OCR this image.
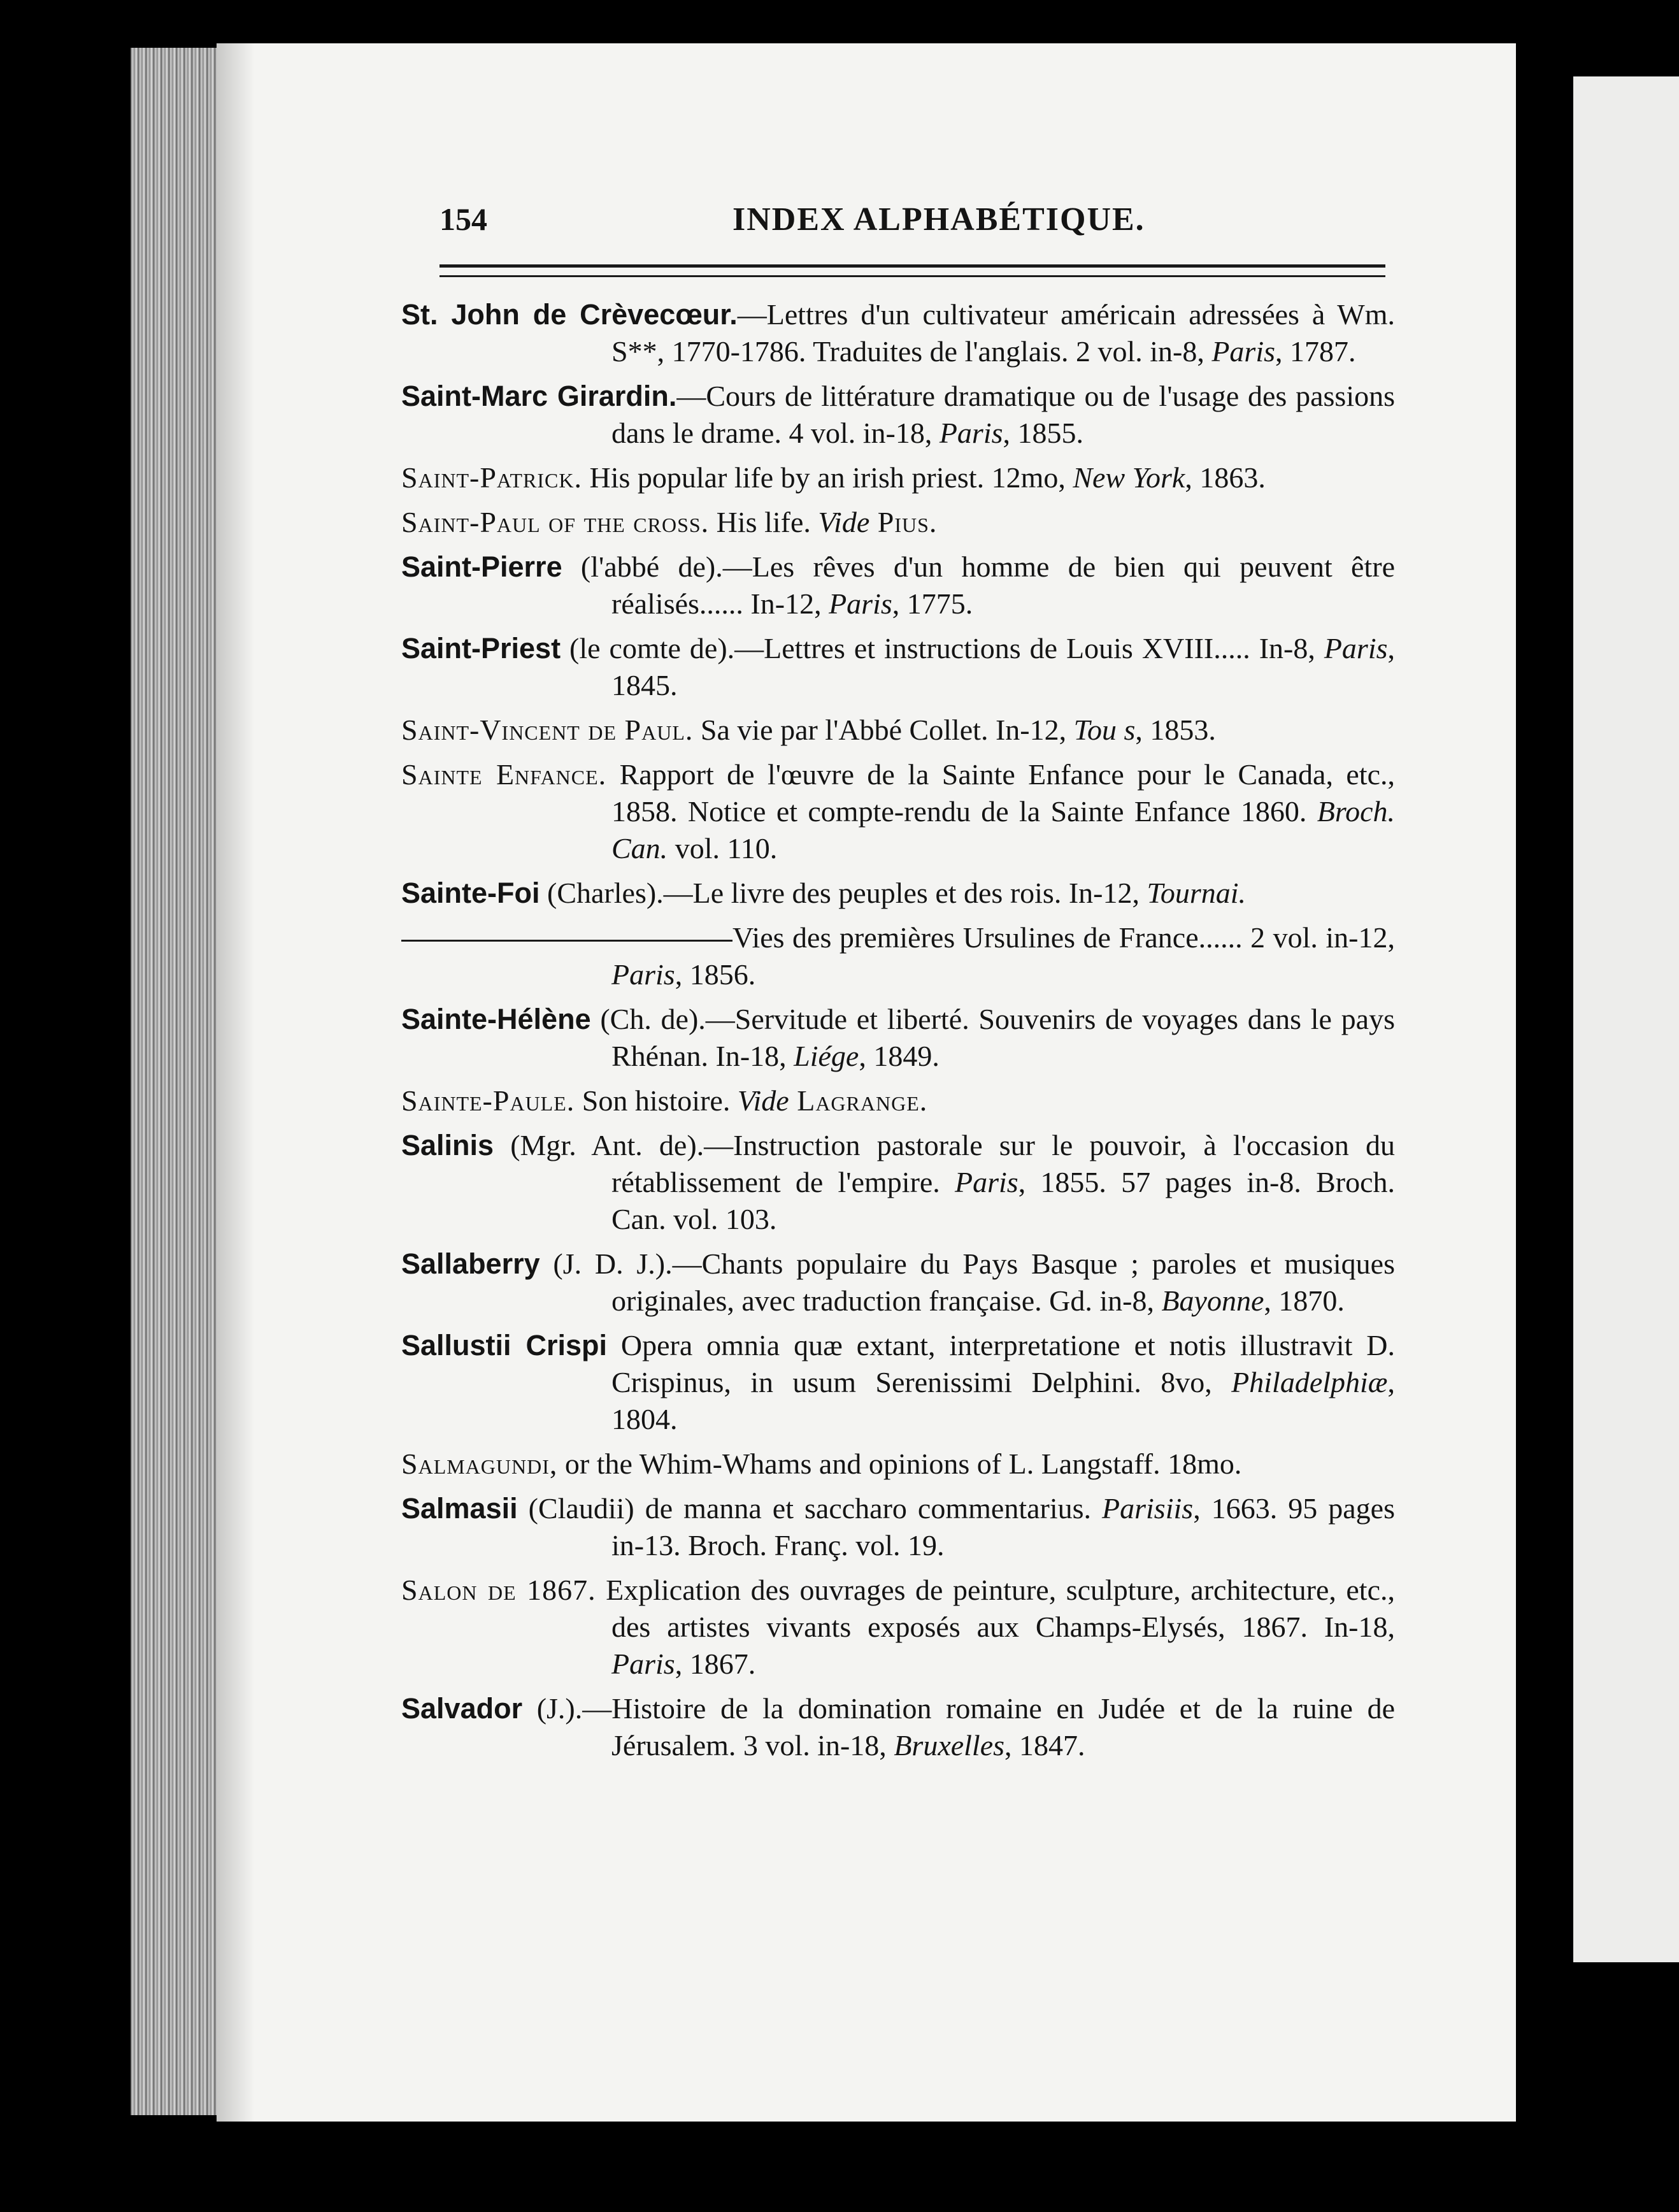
154	INDEX ALPHABÉTIQUE.
St. John de Crèvecœur.—Lettres d'un cultivateur américain adressées à Wm. S**, 1770-1786. Traduites de l'anglais. 2 vol. in-8, Paris, 1787.
Saint-Marc Girardin.—Cours de littérature dramatique ou de l'usage des passions dans le drame. 4 vol. in-18, Paris, 1855.
Saint-Patrick. His popular life by an irish priest. 12mo, New York, 1863.
Saint-Paul of the cross. His life. Vide Pius.
Saint-Pierre (l'abbé de).—Les rêves d'un homme de bien qui peuvent être réalisés...... In-12, Paris, 1775.
Saint-Priest (le comte de).—Lettres et instructions de Louis XVIII..... In-8, Paris, 1845.
Saint-Vincent de Paul. Sa vie par l'Abbé Collet. In-12, Tou s, 1853.
Sainte Enfance. Rapport de l'œuvre de la Sainte Enfance pour le Canada, etc., 1858. Notice et compte-rendu de la Sainte Enfance 1860. Broch. Can. vol. 110.
Sainte-Foi (Charles).—Le livre des peuples et des rois. In-12, Tournai.
Vies des premières Ursulines de France...... 2 vol. in-12, Paris, 1856.
Sainte-Hélène (Ch. de).—Servitude et liberté. Souvenirs de voyages dans le pays Rhénan. In-18, Liége, 1849.
Sainte-Paule. Son histoire. Vide Lagrange.
Salinis (Mgr. Ant. de).—Instruction pastorale sur le pouvoir, à l'occasion du rétablissement de l'empire. Paris, 1855. 57 pages in-8. Broch. Can. vol. 103.
Sallaberry (J. D. J.).—Chants populaire du Pays Basque ; paroles et musiques originales, avec traduction française. Gd. in-8, Bayonne, 1870.
Sallustii Crispi Opera omnia quæ extant, interpretatione et notis illustravit D. Crispinus, in usum Serenissimi Delphini. 8vo, Philadelphiæ, 1804.
Salmagundi, or the Whim-Whams and opinions of L. Langstaff. 18mo.
Salmasii (Claudii) de manna et saccharo commentarius. Parisiis, 1663. 95 pages in-13. Broch. Franç. vol. 19.
Salon de 1867. Explication des ouvrages de peinture, sculpture, architecture, etc., des artistes vivants exposés aux Champs-Elysés, 1867. In-18, Paris, 1867.
Salvador (J.).—Histoire de la domination romaine en Judée et de la ruine de Jérusalem. 3 vol. in-18, Bruxelles, 1847.
